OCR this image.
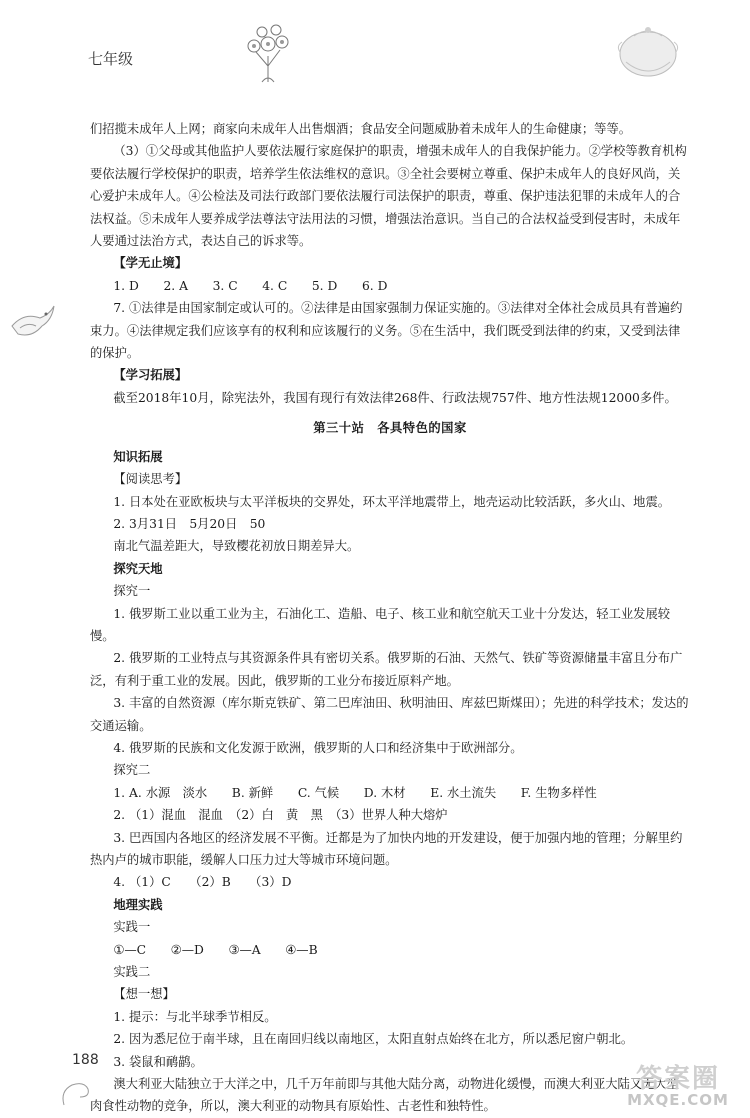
七年级

们招揽未成年人上网；商家向未成年人出售烟酒；食品安全问题威胁着未成年人的生命健康；等等。

（3）①父母或其他监护人要依法履行家庭保护的职责，增强未成年人的自我保护能力。②学校等教育机构要依法履行学校保护的职责，培养学生依法维权的意识。③全社会要树立尊重、保护未成年人的良好风尚，关心爱护未成年人。④公检法及司法行政部门要依法履行司法保护的职责，尊重、保护违法犯罪的未成年人的合法权益。⑤未成年人要养成学法尊法守法用法的习惯，增强法治意识。当自己的合法权益受到侵害时，未成年人要通过法治方式，表达自己的诉求等。

【学无止境】

1. D　　2. A　　3. C　　4. C　　5. D　　6. D

7. ①法律是由国家制定或认可的。②法律是由国家强制力保证实施的。③法律对全体社会成员具有普遍约束力。④法律规定我们应该享有的权利和应该履行的义务。⑤在生活中，我们既受到法律的约束，又受到法律的保护。

【学习拓展】

截至2018年10月，除宪法外，我国有现行有效法律268件、行政法规757件、地方性法规12000多件。

第三十站　各具特色的国家

知识拓展

【阅读思考】

1. 日本处在亚欧板块与太平洋板块的交界处，环太平洋地震带上，地壳运动比较活跃，多火山、地震。

2. 3月31日　5月20日　50

南北气温差距大，导致樱花初放日期差异大。

探究天地

探究一

1. 俄罗斯工业以重工业为主，石油化工、造船、电子、核工业和航空航天工业十分发达，轻工业发展较慢。

2. 俄罗斯的工业特点与其资源条件具有密切关系。俄罗斯的石油、天然气、铁矿等资源储量丰富且分布广泛，有利于重工业的发展。因此，俄罗斯的工业分布接近原料产地。

3. 丰富的自然资源（库尔斯克铁矿、第二巴库油田、秋明油田、库兹巴斯煤田）；先进的科学技术；发达的交通运输。

4. 俄罗斯的民族和文化发源于欧洲，俄罗斯的人口和经济集中于欧洲部分。

探究二

1. A. 水源　淡水　　B. 新鲜　　C. 气候　　D. 木材　　E. 水土流失　　F. 生物多样性

2. （1）混血　混血　（2）白　黄　黑　（3）世界人种大熔炉

3. 巴西国内各地区的经济发展不平衡。迁都是为了加快内地的开发建设，便于加强内地的管理；分解里约热内卢的城市职能，缓解人口压力过大等城市环境问题。

4. （1）C　　（2）B　　（3）D

地理实践

实践一

①—C　　②—D　　③—A　　④—B

实践二

【想一想】

1. 提示：与北半球季节相反。

2. 因为悉尼位于南半球，且在南回归线以南地区，太阳直射点始终在北方，所以悉尼窗户朝北。

3. 袋鼠和鸸鹋。

澳大利亚大陆独立于大洋之中，几千万年前即与其他大陆分离，动物进化缓慢，而澳大利亚大陆又无大型肉食性动物的竞争，所以，澳大利亚的动物具有原始性、古老性和独特性。

188
答案圈
MXQE.COM
